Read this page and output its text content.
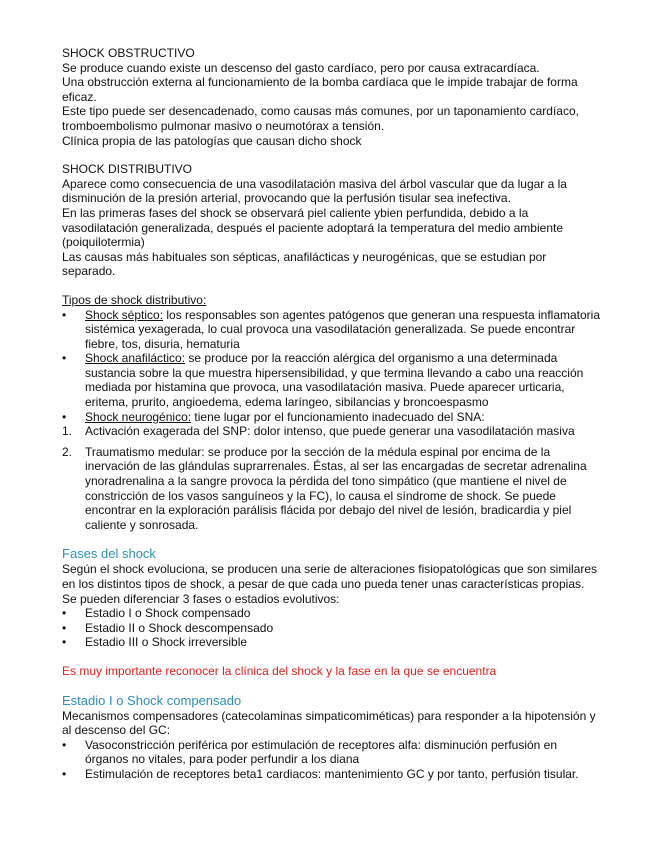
SHOCK OBSTRUCTIVO

Se produce cuando existe un descenso del gasto cardíaco, pero por causa extracardíaca.

Una obstrucción externa al funcionamiento de la bomba cardíaca que le impide trabajar de forma eficaz.

Este tipo puede ser desencadenado, como causas más comunes, por un taponamiento cardíaco, tromboembolismo pulmonar masivo o neumotórax a tensión.

Clínica propia de las patologías que causan dicho shock

SHOCK DISTRIBUTIVO

Aparece como consecuencia de una vasodilatación masiva del árbol vascular que da lugar a la disminución de la presión arterial, provocando que la perfusión tisular sea inefectiva.

En las primeras fases del shock se observará piel caliente ybien perfundida, debido a la vasodilatación generalizada, después el paciente adoptará la temperatura del medio ambiente (poiquilotermia)

Las causas más habituales son sépticas, anafilácticas y neurogénicas, que se estudian por separado.

Tipos de shock distributivo:

•	Shock séptico: los responsables son agentes patógenos que generan una respuesta inflamatoria sistémica yexagerada, lo cual provoca una vasodilatación generalizada. Se puede encontrar fiebre, tos, disuria, hematuria
•	Shock anafiláctico: se produce por la reacción alérgica del organismo a una determinada sustancia sobre la que muestra hipersensibilidad, y que termina llevando a cabo una reacción mediada por histamina que provoca, una vasodilatación masiva. Puede aparecer urticaria, eritema, prurito, angioedema, edema laríngeo, sibilancias y broncoespasmo
•	Shock neurogénico: tiene lugar por el funcionamiento inadecuado del SNA:
1.	Activación exagerada del SNP: dolor intenso, que puede generar una vasodilatación masiva
2.	Traumatismo medular: se produce por la sección de la médula espinal por encima de la inervación de las glándulas suprarrenales. Éstas, al ser las encargadas de secretar adrenalina ynoradrenalina a la sangre provoca la pérdida del tono simpático (que mantiene el nivel de constricción de los vasos sanguíneos y la FC), lo causa el síndrome de shock. Se puede encontrar en la exploración parálisis flácida por debajo del nivel de lesión, bradicardia y piel caliente y sonrosada.
Fases del shock

Según el shock evoluciona, se producen una serie de alteraciones fisiopatológicas que son similares en los distintos tipos de shock, a pesar de que cada uno pueda tener unas características propias. Se pueden diferenciar 3 fases o estadios evolutivos:

•	Estadio I o Shock compensado
•	Estadio II o Shock descompensado
•	Estadio III o Shock irreversible

Es muy importante reconocer la clínica del shock y la fase en la que se encuentra

Estadio I o Shock compensado

Mecanismos compensadores (catecolaminas simpaticomiméticas) para responder a la hipotensión y al descenso del GC:

•	Vasoconstricción periférica por estimulación de receptores alfa: disminución perfusión en órganos no vitales, para poder perfundir a los diana
•	Estimulación de receptores beta1 cardiacos: mantenimiento GC y por tanto, perfusión tisular.
